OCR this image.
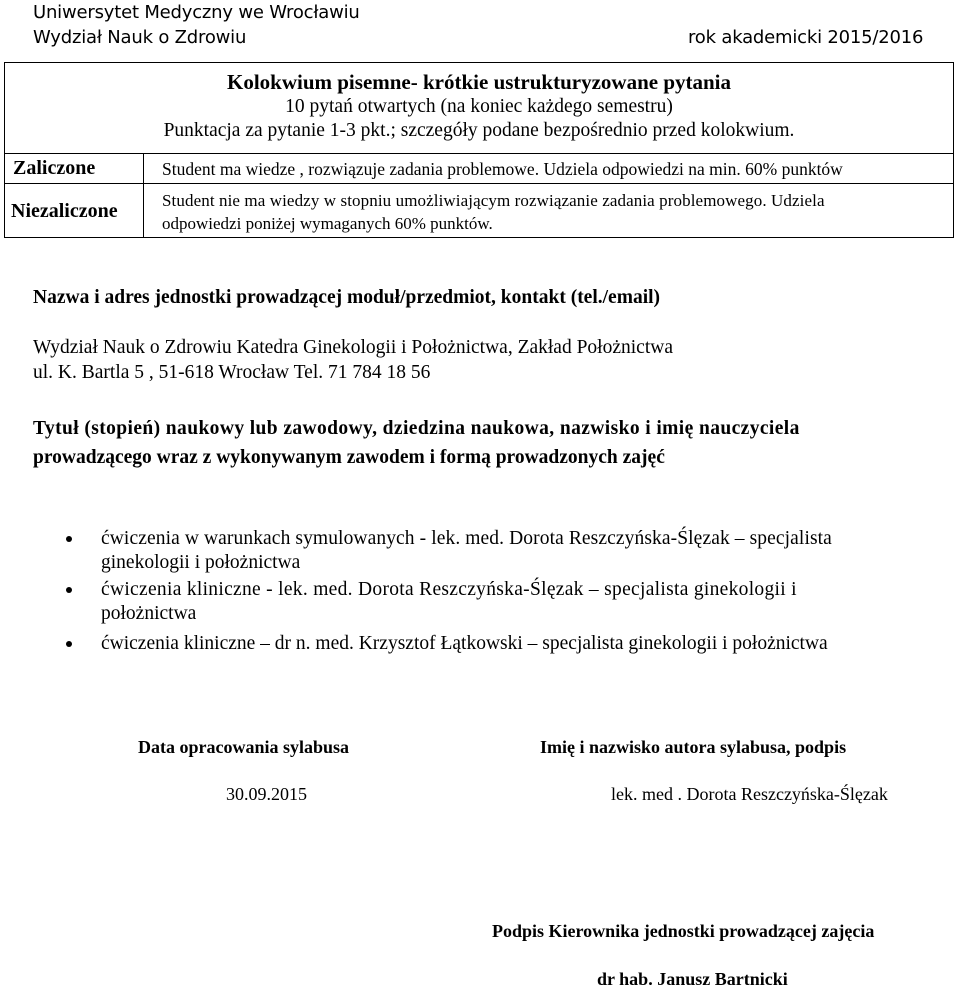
Uniwersytet Medyczny we Wrocławiu
Wydział Nauk o Zdrowiu	rok akademicki 2015/2016
Kolokwium pisemne- krótkie ustrukturyzowane pytania
10 pytań otwartych (na koniec każdego semestru)
Punktacja za pytanie 1-3 pkt.; szczegóły podane bezpośrednio przed kolokwium.
Zaliczone	Student ma wiedze , rozwiązuje zadania problemowe. Udziela odpowiedzi na min. 60% punktów
Niezaliczone	Student nie ma wiedzy w stopniu umożliwiającym rozwiązanie zadania problemowego. Udziela
odpowiedzi poniżej wymaganych 60% punktów.
Nazwa i adres jednostki prowadzącej moduł/przedmiot, kontakt (tel./email)
Wydział Nauk o Zdrowiu Katedra Ginekologii i Położnictwa, Zakład Położnictwa
ul. K. Bartla 5 , 51-618 Wrocław Tel. 71 784 18 56
Tytuł (stopień) naukowy lub zawodowy, dziedzina naukowa, nazwisko i imię nauczyciela
prowadzącego wraz z wykonywanym zawodem i formą prowadzonych zajęć
ćwiczenia w warunkach symulowanych - lek. med. Dorota Reszczyńska-Ślęzak – specjalista
ginekologii i położnictwa
ćwiczenia kliniczne - lek. med. Dorota Reszczyńska-Ślęzak – specjalista ginekologii i
położnictwa
ćwiczenia kliniczne – dr n. med. Krzysztof Łątkowski – specjalista ginekologii i położnictwa
Data opracowania sylabusa
30.09.2015
Imię i nazwisko autora sylabusa, podpis
lek. med . Dorota Reszczyńska-Ślęzak
Podpis Kierownika jednostki prowadzącej zajęcia
dr hab. Janusz Bartnicki
